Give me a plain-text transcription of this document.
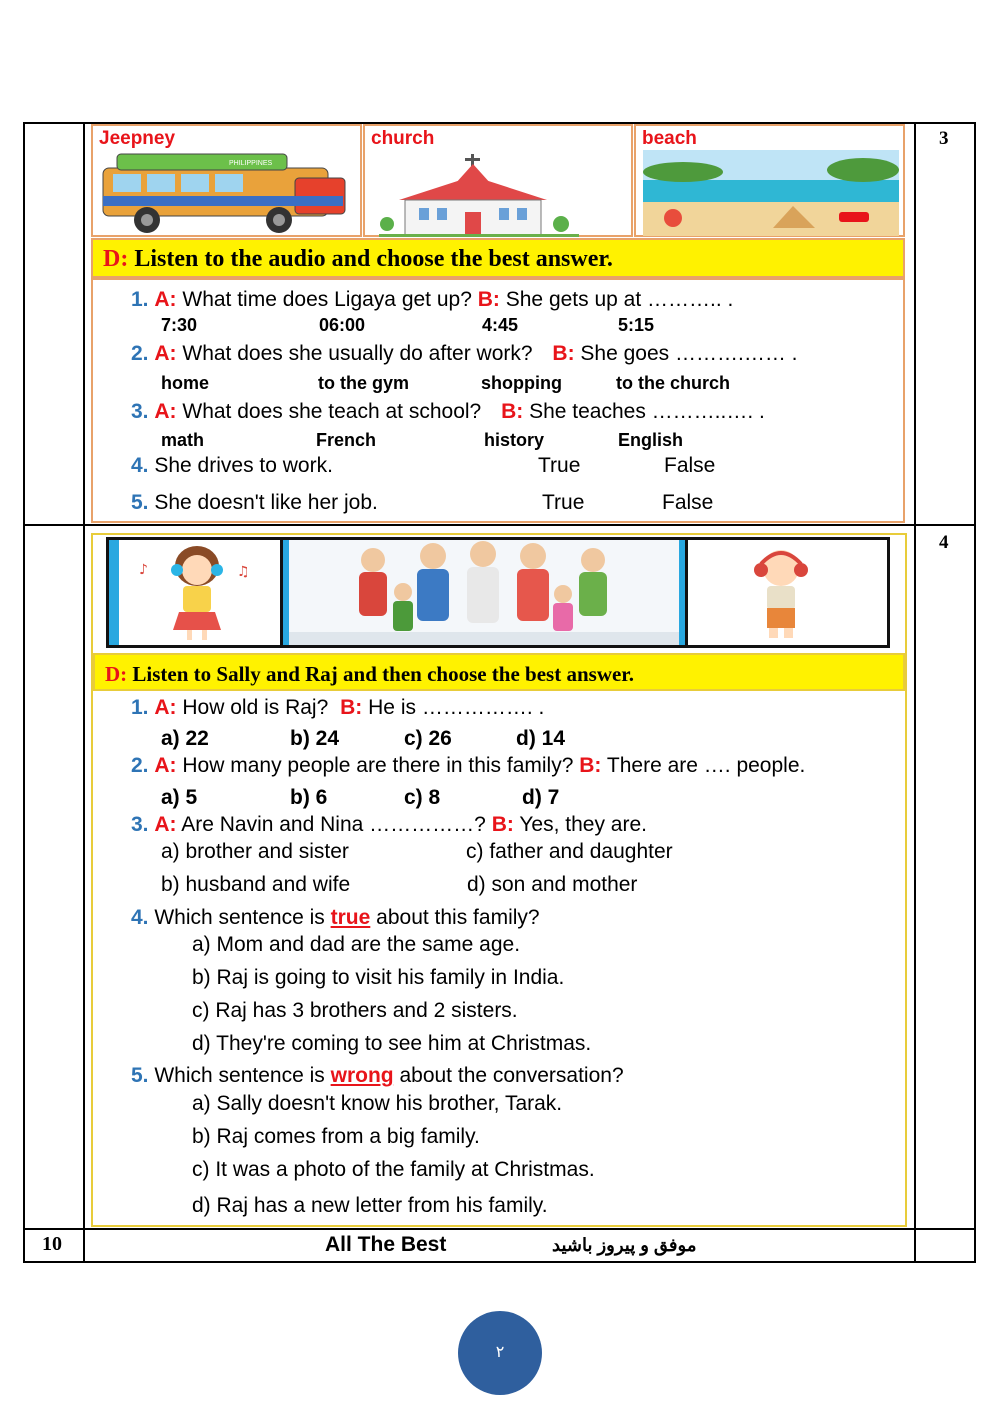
3
Jeepney
PHILIPPINES
church	beach
D: Listen to the audio and choose the best answer.
1. A: What time does Ligaya get up? B: She gets up at ……….. .
7:30	06:00	4:45	5:15
2. A: What does she usually do after work? B: She goes ……….…… .
home	to the gym	shopping	to the church
3. A: What does she teach at school? B: She teaches ………..…. .
math	French	history	English
4. She drives to work.	True	False
5. She doesn't like her job.	True	False
4
♪	♫
D: Listen to Sally and Raj and then choose the best answer.
1. A: How old is Raj? B: He is ……………. .
a) 22	b) 24	c) 26	d) 14
2. A: How many people are there in this family? B: There are …. people.
a) 5	b) 6	c) 8	d) 7
3. A: Are Navin and Nina ……………? B: Yes, they are.
a) brother and sister	c) father and daughter
b) husband and wife	d) son and mother
4. Which sentence is true about this family?
a) Mom and dad are the same age.
b) Raj is going to visit his family in India.
c) Raj has 3 brothers and 2 sisters.
d) They're coming to see him at Christmas.
5. Which sentence is wrong about the conversation?
a) Sally doesn't know his brother, Tarak.
b) Raj comes from a big family.
c) It was a photo of the family at Christmas.
d) Raj has a new letter from his family.
10	All The Best	موفق و پیروز باشید
۲
